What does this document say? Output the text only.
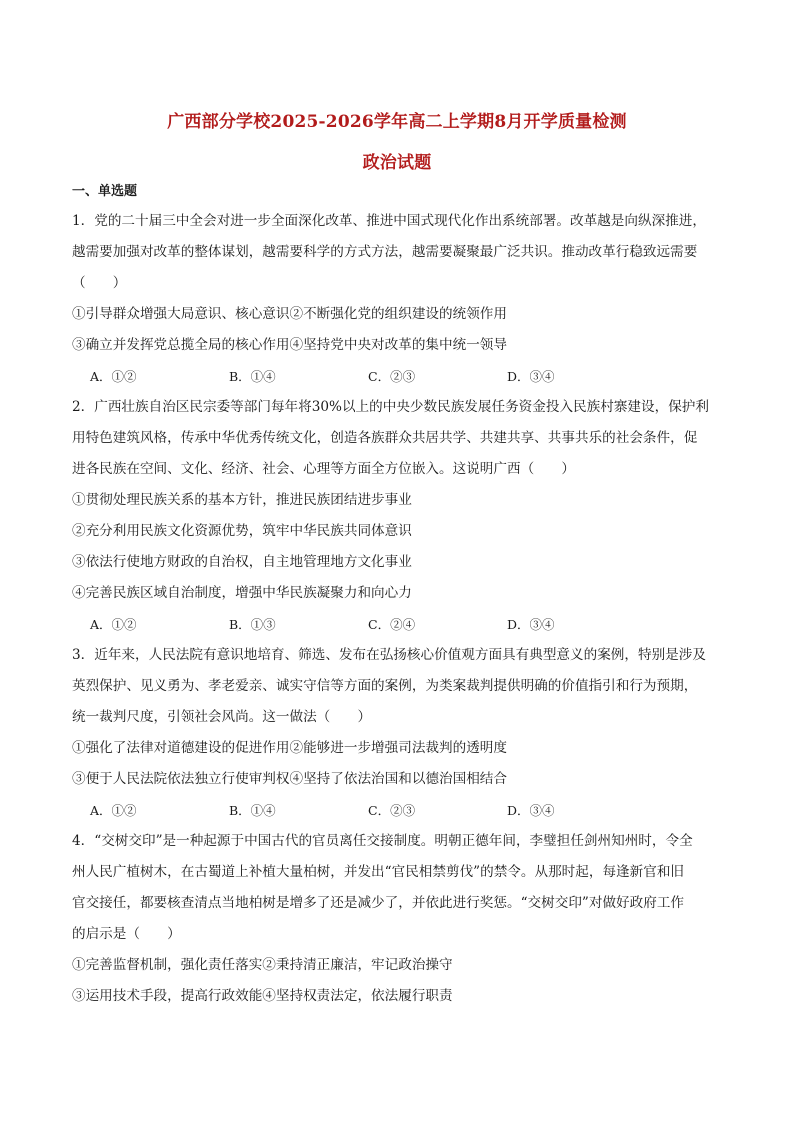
广西部分学校2025-2026学年高二上学期8月开学质量检测
政治试题
一、单选题

1．党的二十届三中全会对进一步全面深化改革、推进中国式现代化作出系统部署。改革越是向纵深推进，

越需要加强对改革的整体谋划，越需要科学的方式方法，越需要凝聚最广泛共识。推动改革行稳致远需要

（　　）

①引导群众增强大局意识、核心意识②不断强化党的组织建设的统领作用
③确立并发挥党总揽全局的核心作用④坚持党中央对改革的集中统一领导
A．①②	B．①④	C．②③	D．③④

2．广西壮族自治区民宗委等部门每年将30%以上的中央少数民族发展任务资金投入民族村寨建设，保护利

用特色建筑风格，传承中华优秀传统文化，创造各族群众共居共学、共建共享、共事共乐的社会条件，促

进各民族在空间、文化、经济、社会、心理等方面全方位嵌入。这说明广西（　　）

①贯彻处理民族关系的基本方针，推进民族团结进步事业
②充分利用民族文化资源优势，筑牢中华民族共同体意识
③依法行使地方财政的自治权，自主地管理地方文化事业
④完善民族区域自治制度，增强中华民族凝聚力和向心力
A．①②	B．①③	C．②④	D．③④

3．近年来，人民法院有意识地培育、筛选、发布在弘扬核心价值观方面具有典型意义的案例，特别是涉及

英烈保护、见义勇为、孝老爱亲、诚实守信等方面的案例，为类案裁判提供明确的价值指引和行为预期，

统一裁判尺度，引领社会风尚。这一做法（　　）

①强化了法律对道德建设的促进作用②能够进一步增强司法裁判的透明度
③便于人民法院依法独立行使审判权④坚持了依法治国和以德治国相结合
A．①②	B．①④	C．②③	D．③④

4．“交树交印”是一种起源于中国古代的官员离任交接制度。明朝正德年间，李璧担任剑州知州时，令全

州人民广植树木，在古蜀道上补植大量柏树，并发出“官民相禁剪伐”的禁令。从那时起，每逢新官和旧

官交接任，都要核查清点当地柏树是增多了还是减少了，并依此进行奖惩。“交树交印”对做好政府工作

的启示是（　　）

①完善监督机制，强化责任落实②秉持清正廉洁，牢记政治操守
③运用技术手段，提高行政效能④坚持权责法定，依法履行职责
